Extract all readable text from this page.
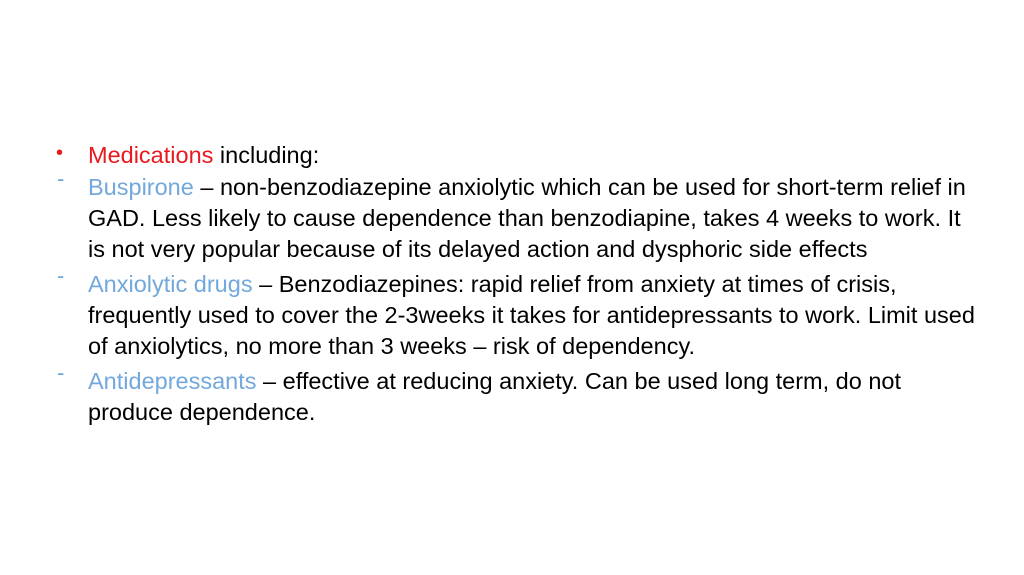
• Medications including:
- Buspirone – non-benzodiazepine anxiolytic which can be used for short-term relief in GAD. Less likely to cause dependence than benzodiapine, takes 4 weeks to work. It is not very popular because of its delayed action and dysphoric side effects
- Anxiolytic drugs – Benzodiazepines: rapid relief from anxiety at times of crisis, frequently used to cover the 2-3weeks it takes for antidepressants to work. Limit used of anxiolytics, no more than 3 weeks – risk of dependency.
- Antidepressants – effective at reducing anxiety. Can be used long term, do not produce dependence.
